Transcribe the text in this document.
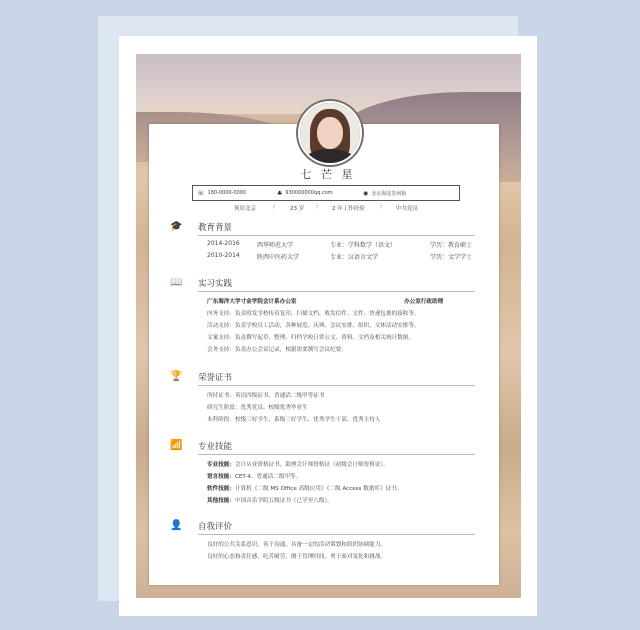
七 芒 星
☏ 180-0000-0000	♣ 930000000qq.com	◉ 北京海淀苏州街
现居北京	/	23 岁 /	2 年工作经验	/	中共党员
🎓 教育背景
2014-2016	西华师范大学	专业：学科数学（语文）	学历：教育硕士
2010-2014	陕西中医药大学	专业：汉语言文学	学历：文学学士
📖 实习实践
广东海洋大学寸金学院会计系办公室	办公室行政助理
内务支持：负责收发学校传真复印、扫描文档、收发信件、文件、快递包裹的接收等。
活动支持：负责学校员工活动，各种展览、庆典、会议安排、组织、文体活动安排等。
文案支持：负责撰写起草、整理、归档学校日常公文、资料、文档及相关统计数据。
会务支持：负责办公会议记录，根据需要撰写会议纪要。
🏆 荣誉证书
所持证书：英语四级证书、普通话二级甲等证书
研究生阶段：优秀党员、校级优秀毕业生
本科阶段：校级三好学生、系级三好学生、优秀学生干部、优秀主持人
📶 专业技能
专业技能：会计从业资格证书、助理会计师资格证（初级会计师资格证）。
语言技能：CET-4、普通话二级甲等。
软件技能：计算机《二级 MS Office 高级应用》《二级 Access 数据库》证书。
其他技能：中国音乐学院五级证书（已学至八级）。
👤 自我评价
良好的公共关系意识，善于沟通，具备一定的活动策划和组织协调能力。
良好的心态和责任感，吃苦耐劳，擅于管理时间，勇于面对变化和挑战。
